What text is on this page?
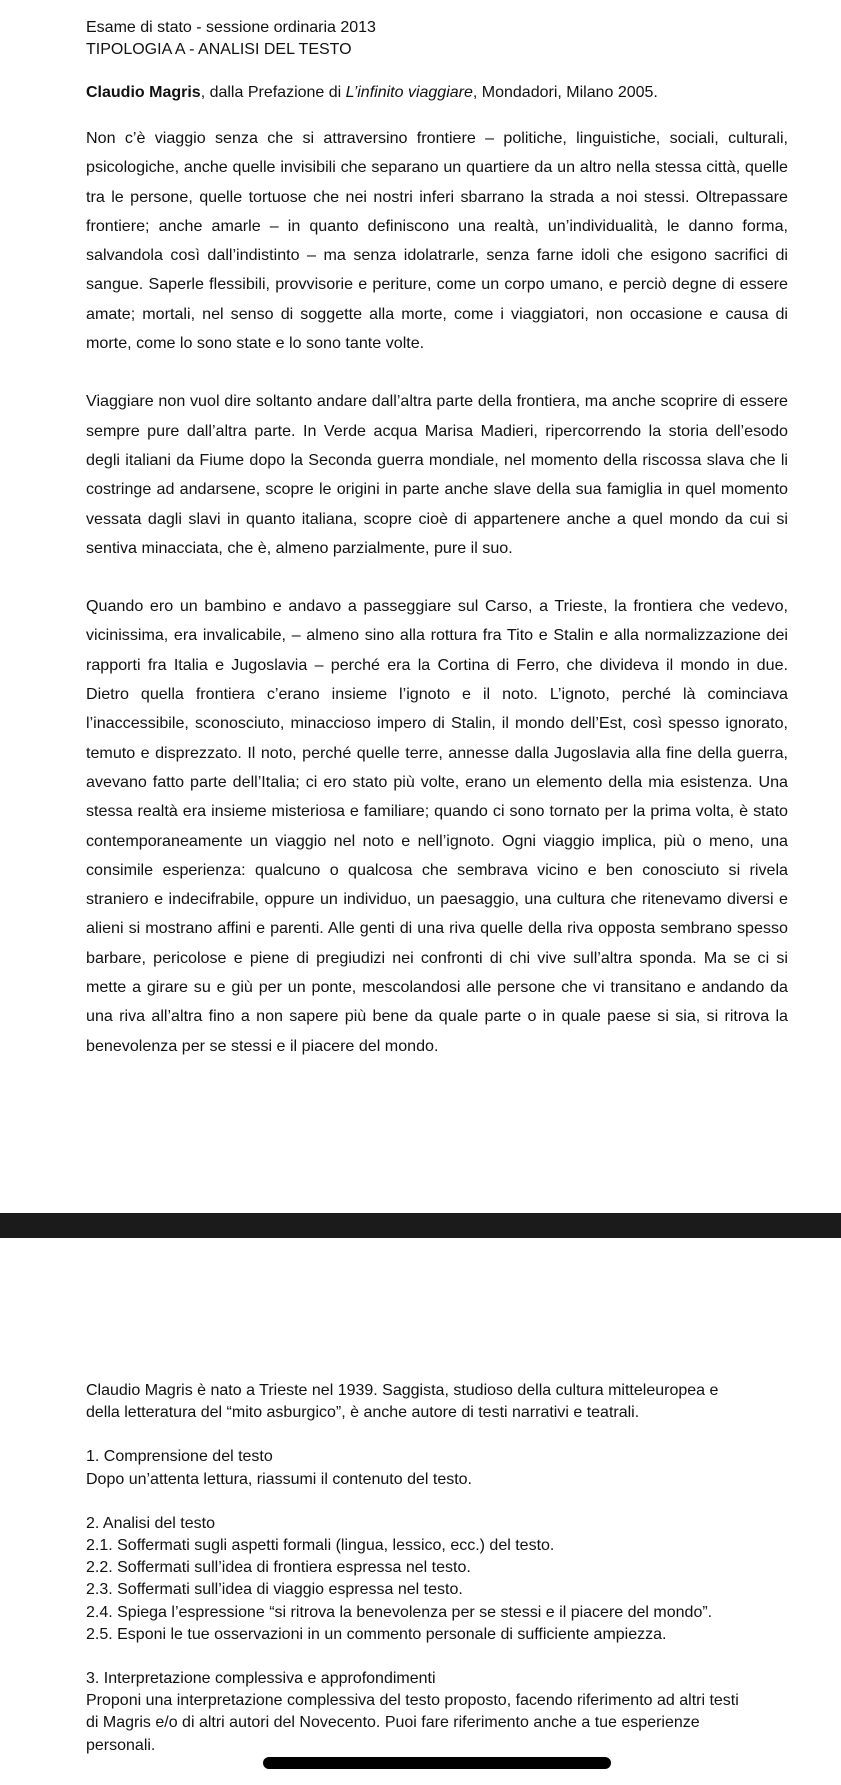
Esame di stato - sessione ordinaria 2013

TIPOLOGIA A - ANALISI DEL TESTO

Claudio Magris, dalla Prefazione di L’infinito viaggiare, Mondadori, Milano 2005.

Non c’è viaggio senza che si attraversino frontiere – politiche, linguistiche, sociali, culturali, psicologiche, anche quelle invisibili che separano un quartiere da un altro nella stessa città, quelle tra le persone, quelle tortuose che nei nostri inferi sbarrano la strada a noi stessi. Oltrepassare frontiere; anche amarle – in quanto definiscono una realtà, un’individualità, le danno forma, salvandola così dall’indistinto – ma senza idolatrarle, senza farne idoli che esigono sacrifici di sangue. Saperle flessibili, provvisorie e periture, come un corpo umano, e perciò degne di essere amate; mortali, nel senso di soggette alla morte, come i viaggiatori, non occasione e causa di morte, come lo sono state e lo sono tante volte.

Viaggiare non vuol dire soltanto andare dall’altra parte della frontiera, ma anche scoprire di essere sempre pure dall’altra parte. In Verde acqua Marisa Madieri, ripercorrendo la storia dell’esodo degli italiani da Fiume dopo la Seconda guerra mondiale, nel momento della riscossa slava che li costringe ad andarsene, scopre le origini in parte anche slave della sua famiglia in quel momento vessata dagli slavi in quanto italiana, scopre cioè di appartenere anche a quel mondo da cui si sentiva minacciata, che è, almeno parzialmente, pure il suo.

Quando ero un bambino e andavo a passeggiare sul Carso, a Trieste, la frontiera che vedevo, vicinissima, era invalicabile, – almeno sino alla rottura fra Tito e Stalin e alla normalizzazione dei rapporti fra Italia e Jugoslavia – perché era la Cortina di Ferro, che divideva il mondo in due. Dietro quella frontiera c’erano insieme l’ignoto e il noto. L’ignoto, perché là cominciava l’inaccessibile, sconosciuto, minaccioso impero di Stalin, il mondo dell’Est, così spesso ignorato, temuto e disprezzato. Il noto, perché quelle terre, annesse dalla Jugoslavia alla fine della guerra, avevano fatto parte dell’Italia; ci ero stato più volte, erano un elemento della mia esistenza. Una stessa realtà era insieme misteriosa e familiare; quando ci sono tornato per la prima volta, è stato contemporaneamente un viaggio nel noto e nell’ignoto. Ogni viaggio implica, più o meno, una consimile esperienza: qualcuno o qualcosa che sembrava vicino e ben conosciuto si rivela straniero e indecifrabile, oppure un individuo, un paesaggio, una cultura che ritenevamo diversi e alieni si mostrano affini e parenti. Alle genti di una riva quelle della riva opposta sembrano spesso barbare, pericolose e piene di pregiudizi nei confronti di chi vive sull’altra sponda. Ma se ci si mette a girare su e giù per un ponte, mescolandosi alle persone che vi transitano e andando da una riva all’altra fino a non sapere più bene da quale parte o in quale paese si sia, si ritrova la benevolenza per se stessi e il piacere del mondo.

Claudio Magris è nato a Trieste nel 1939. Saggista, studioso della cultura mitteleuropea e
della letteratura del “mito asburgico”, è anche autore di testi narrativi e teatrali.

1. Comprensione del testo

Dopo un’attenta lettura, riassumi il contenuto del testo.

2. Analisi del testo

2.1. Soffermati sugli aspetti formali (lingua, lessico, ecc.) del testo.

2.2. Soffermati sull’idea di frontiera espressa nel testo.

2.3. Soffermati sull’idea di viaggio espressa nel testo.

2.4. Spiega l’espressione “si ritrova la benevolenza per se stessi e il piacere del mondo”.

2.5. Esponi le tue osservazioni in un commento personale di sufficiente ampiezza.

3. Interpretazione complessiva e approfondimenti

Proponi una interpretazione complessiva del testo proposto, facendo riferimento ad altri testi

di Magris e/o di altri autori del Novecento. Puoi fare riferimento anche a tue esperienze

personali.
